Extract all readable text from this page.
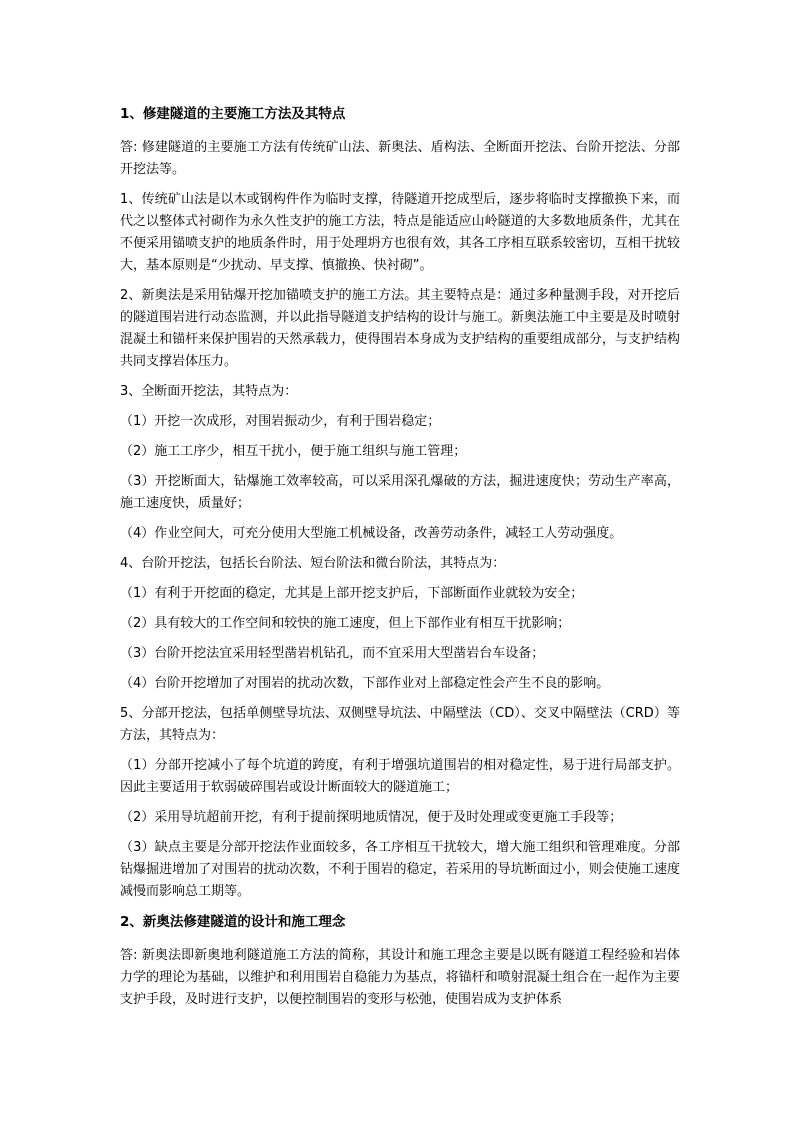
1、修建隧道的主要施工方法及其特点
答: 修建隧道的主要施工方法有传统矿山法、新奥法、盾构法、全断面开挖法、台阶开挖法、分部开挖法等。
1、传统矿山法是以木或钢构件作为临时支撑，待隧道开挖成型后，逐步将临时支撑撤换下来，而代之以整体式衬砌作为永久性支护的施工方法，特点是能适应山岭隧道的大多数地质条件，尤其在不便采用锚喷支护的地质条件时，用于处理坍方也很有效，其各工序相互联系较密切，互相干扰较大，基本原则是“少扰动、早支撑、慎撤换、快衬砌”。
2、新奥法是采用钻爆开挖加锚喷支护的施工方法。其主要特点是：通过多种量测手段，对开挖后的隧道围岩进行动态监测，并以此指导隧道支护结构的设计与施工。新奥法施工中主要是及时喷射混凝土和锚杆来保护围岩的天然承载力，使得围岩本身成为支护结构的重要组成部分，与支护结构共同支撑岩体压力。
3、全断面开挖法，其特点为：
（1）开挖一次成形，对围岩振动少，有利于围岩稳定；
（2）施工工序少，相互干扰小，便于施工组织与施工管理；
（3）开挖断面大，钻爆施工效率较高，可以采用深孔爆破的方法，掘进速度快；劳动生产率高，施工速度快，质量好；
（4）作业空间大，可充分使用大型施工机械设备，改善劳动条件，减轻工人劳动强度。
4、台阶开挖法，包括长台阶法、短台阶法和微台阶法，其特点为：
（1）有利于开挖面的稳定，尤其是上部开挖支护后，下部断面作业就较为安全；
（2）具有较大的工作空间和较快的施工速度，但上下部作业有相互干扰影响；
（3）台阶开挖法宜采用轻型凿岩机钻孔，而不宜采用大型凿岩台车设备；
（4）台阶开挖增加了对围岩的扰动次数，下部作业对上部稳定性会产生不良的影响。
5、分部开挖法，包括单侧壁导坑法、双侧壁导坑法、中隔壁法（CD）、交叉中隔壁法（CRD）等方法，其特点为：
（1）分部开挖减小了每个坑道的跨度，有利于增强坑道围岩的相对稳定性，易于进行局部支护。因此主要适用于软弱破碎围岩或设计断面较大的隧道施工；
（2）采用导坑超前开挖，有利于提前探明地质情况，便于及时处理或变更施工手段等；
（3）缺点主要是分部开挖法作业面较多，各工序相互干扰较大，增大施工组织和管理难度。分部钻爆掘进增加了对围岩的扰动次数，不利于围岩的稳定，若采用的导坑断面过小，则会使施工速度减慢而影响总工期等。
2、新奥法修建隧道的设计和施工理念
答: 新奥法即新奥地利隧道施工方法的简称，其设计和施工理念主要是以既有隧道工程经验和岩体力学的理论为基础，以维护和利用围岩自稳能力为基点，将锚杆和喷射混凝土组合在一起作为主要支护手段，及时进行支护，以便控制围岩的变形与松弛，使围岩成为支护体系
